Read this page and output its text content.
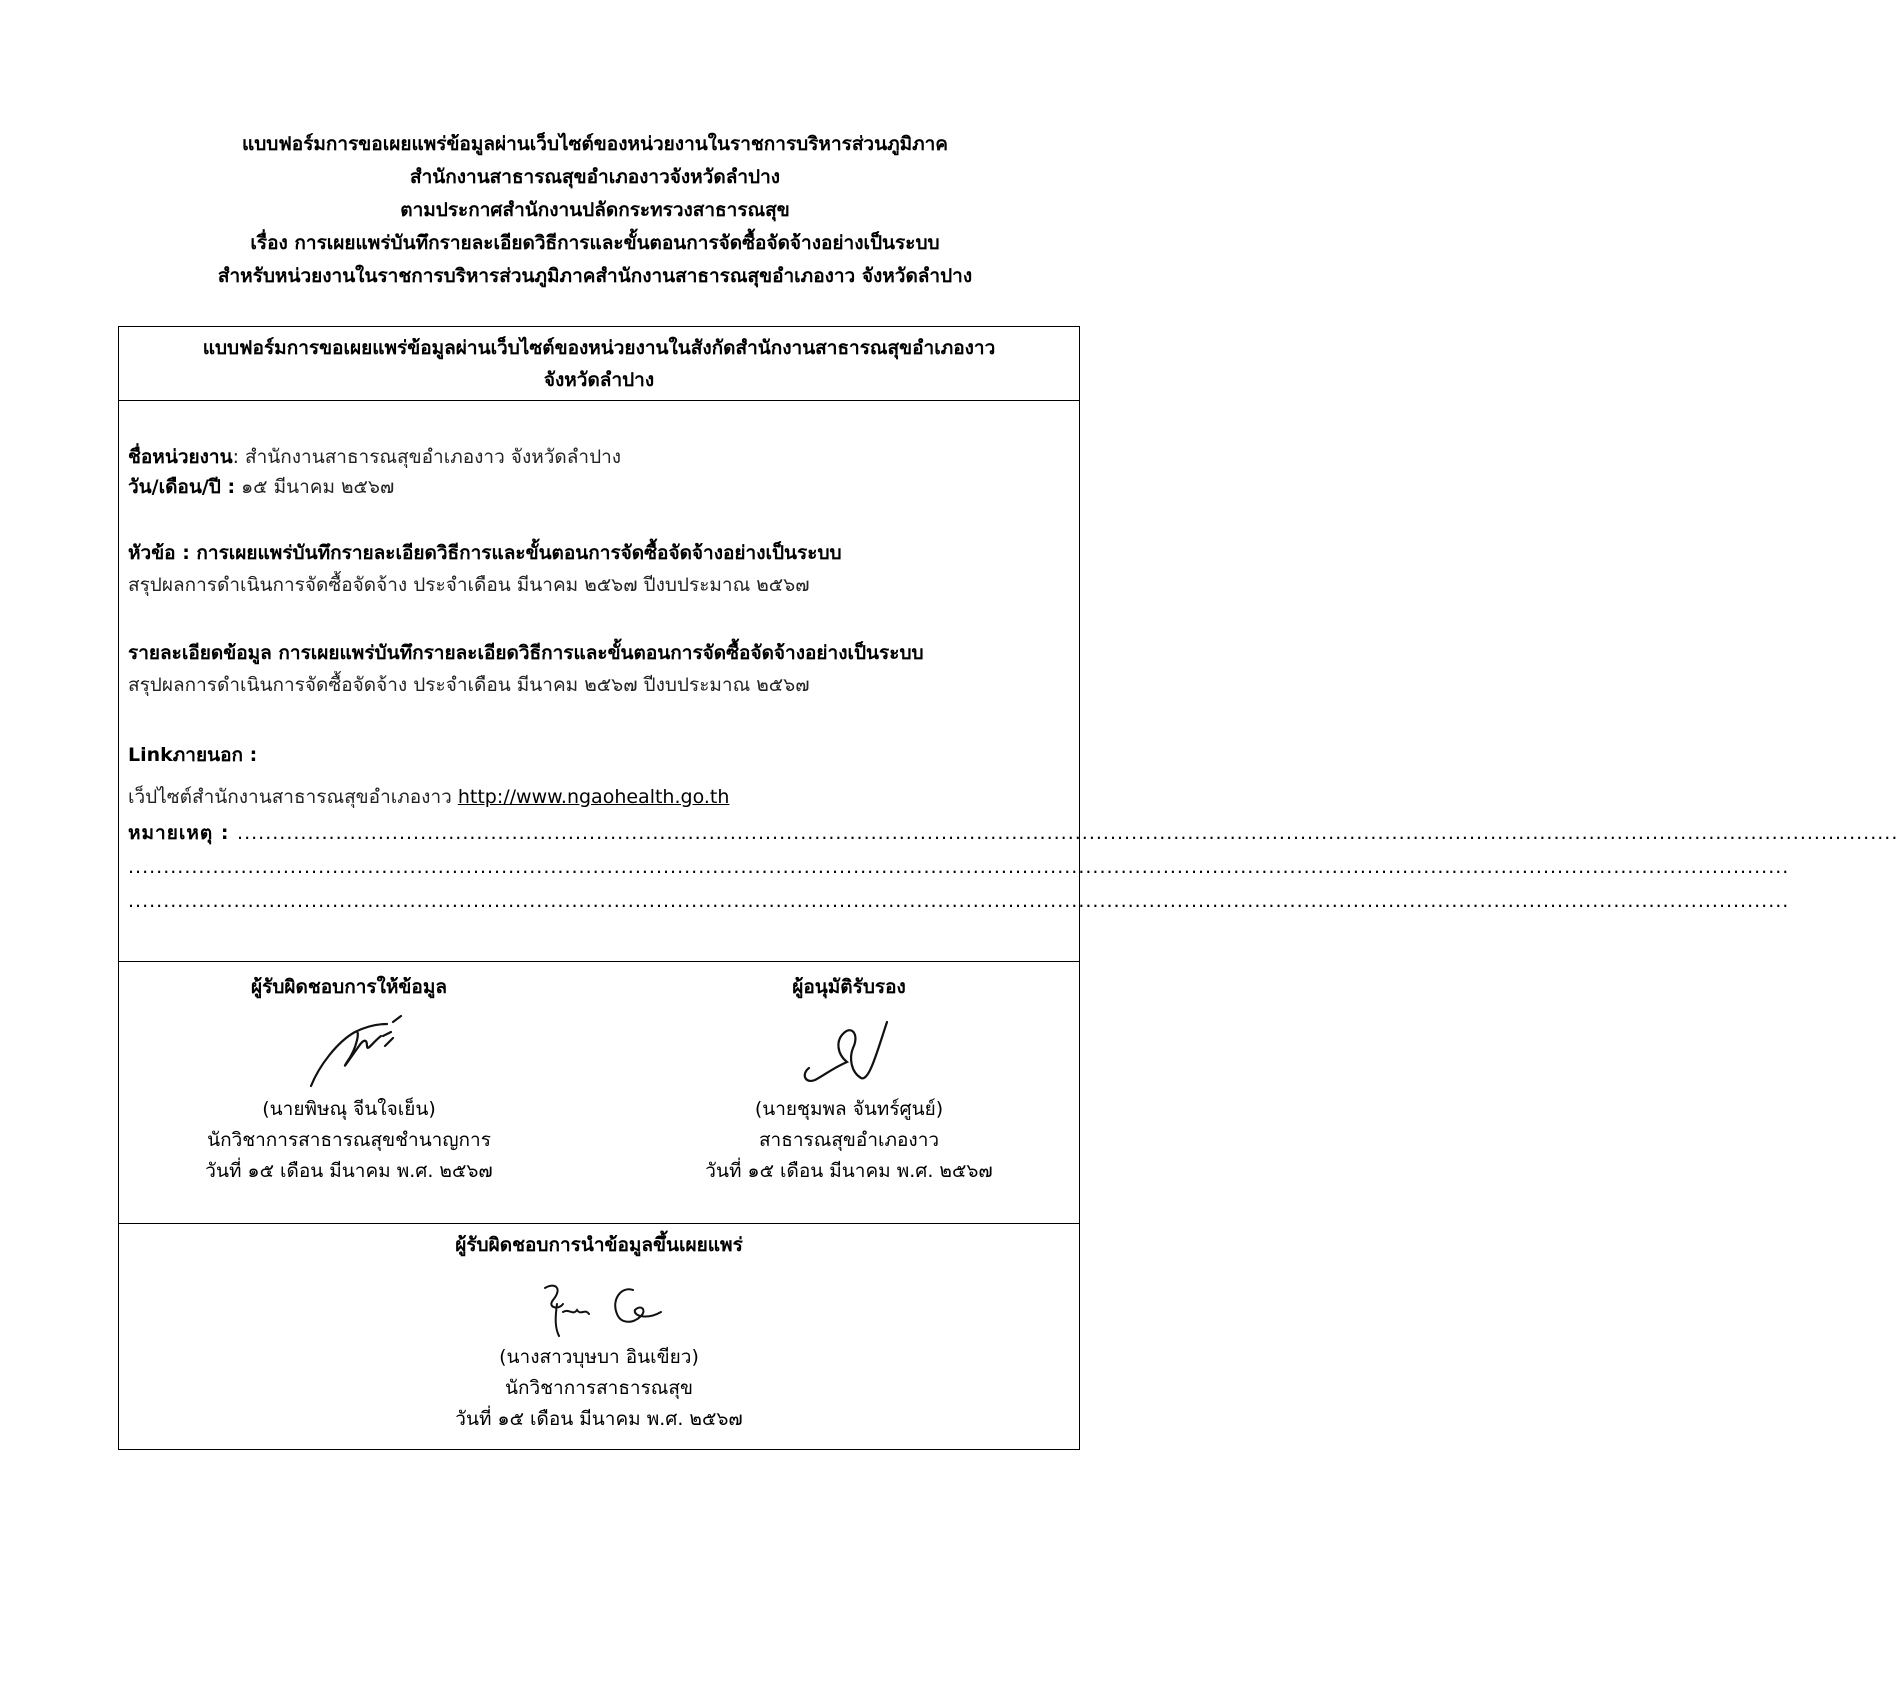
แบบฟอร์มการขอเผยแพร่ข้อมูลผ่านเว็บไซต์ของหน่วยงานในราชการบริหารส่วนภูมิภาค
สำนักงานสาธารณสุขอำเภองาวจังหวัดลำปาง
ตามประกาศสำนักงานปลัดกระทรวงสาธารณสุข
เรื่อง การเผยแพร่บันทึกรายละเอียดวิธีการและขั้นตอนการจัดซื้อจัดจ้างอย่างเป็นระบบ
สำหรับหน่วยงานในราชการบริหารส่วนภูมิภาคสำนักงานสาธารณสุขอำเภองาว จังหวัดลำปาง
แบบฟอร์มการขอเผยแพร่ข้อมูลผ่านเว็บไซต์ของหน่วยงานในสังกัดสำนักงานสาธารณสุขอำเภองาว
จังหวัดลำปาง
ชื่อหน่วยงาน: สำนักงานสาธารณสุขอำเภองาว จังหวัดลำปาง
วัน/เดือน/ปี : ๑๕ มีนาคม ๒๕๖๗
หัวข้อ : การเผยแพร่บันทึกรายละเอียดวิธีการและขั้นตอนการจัดซื้อจัดจ้างอย่างเป็นระบบ
สรุปผลการดำเนินการจัดซื้อจัดจ้าง ประจำเดือน มีนาคม ๒๕๖๗ ปีงบประมาณ ๒๕๖๗
รายละเอียดข้อมูล การเผยแพร่บันทึกรายละเอียดวิธีการและขั้นตอนการจัดซื้อจัดจ้างอย่างเป็นระบบ
สรุปผลการดำเนินการจัดซื้อจัดจ้าง ประจำเดือน มีนาคม ๒๕๖๗ ปีงบประมาณ ๒๕๖๗
Linkภายนอก :
เว็ปไซต์สำนักงานสาธารณสุขอำเภองาว http://www.ngaohealth.go.th
หมายเหตุ : ............................................................................................................................................................................................................................................
............................................................................................................................................................................................................................................
............................................................................................................................................................................................................................................
ผู้รับผิดชอบการให้ข้อมูล
(นายพิษณุ จีนใจเย็น)
นักวิชาการสาธารณสุขชำนาญการ
วันที่ ๑๕ เดือน มีนาคม พ.ศ. ๒๕๖๗
ผู้อนุมัติรับรอง
(นายชุมพล จันทร์ศูนย์)
สาธารณสุขอำเภองาว
วันที่ ๑๕ เดือน มีนาคม พ.ศ. ๒๕๖๗
ผู้รับผิดชอบการนำข้อมูลขึ้นเผยแพร่
(นางสาวบุษบา อินเขียว)
นักวิชาการสาธารณสุข
วันที่ ๑๕ เดือน มีนาคม พ.ศ. ๒๕๖๗
